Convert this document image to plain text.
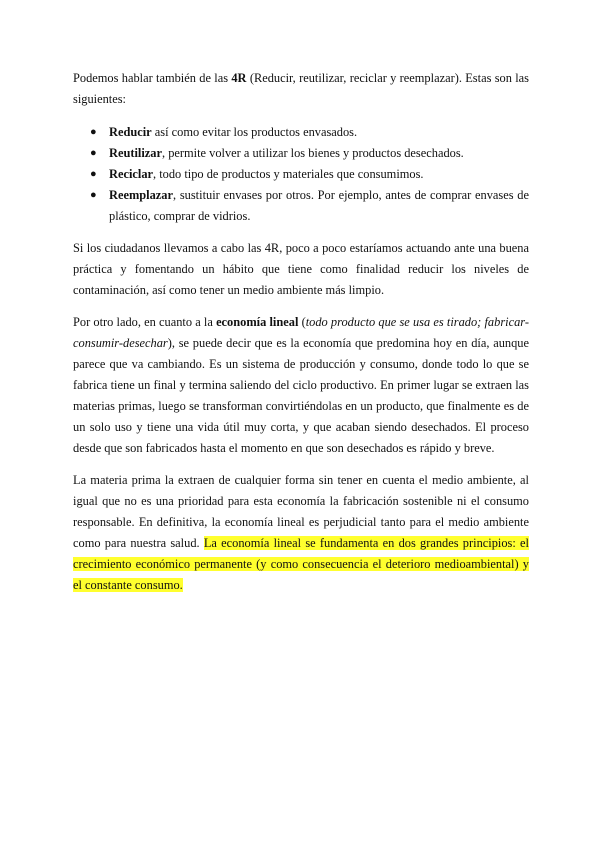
Podemos hablar también de las 4R (Reducir, reutilizar, reciclar y reemplazar). Estas son las siguientes:

● Reducir así como evitar los productos envasados.
● Reutilizar, permite volver a utilizar los bienes y productos desechados.
● Reciclar, todo tipo de productos y materiales que consumimos.
● Reemplazar, sustituir envases por otros. Por ejemplo, antes de comprar envases de plástico, comprar de vidrios.

Si los ciudadanos llevamos a cabo las 4R, poco a poco estaríamos actuando ante una buena práctica y fomentando un hábito que tiene como finalidad reducir los niveles de contaminación, así como tener un medio ambiente más limpio.

Por otro lado, en cuanto a la economía lineal (todo producto que se usa es tirado; fabricar-consumir-desechar), se puede decir que es la economía que predomina hoy en día, aunque parece que va cambiando. Es un sistema de producción y consumo, donde todo lo que se fabrica tiene un final y termina saliendo del ciclo productivo. En primer lugar se extraen las materias primas, luego se transforman convirtiéndolas en un producto, que finalmente es de un solo uso y tiene una vida útil muy corta, y que acaban siendo desechados. El proceso desde que son fabricados hasta el momento en que son desechados es rápido y breve.

La materia prima la extraen de cualquier forma sin tener en cuenta el medio ambiente, al igual que no es una prioridad para esta economía la fabricación sostenible ni el consumo responsable. En definitiva, la economía lineal es perjudicial tanto para el medio ambiente como para nuestra salud. La economía lineal se fundamenta en dos grandes principios: el crecimiento económico permanente (y como consecuencia el deterioro medioambiental) y el constante consumo.
